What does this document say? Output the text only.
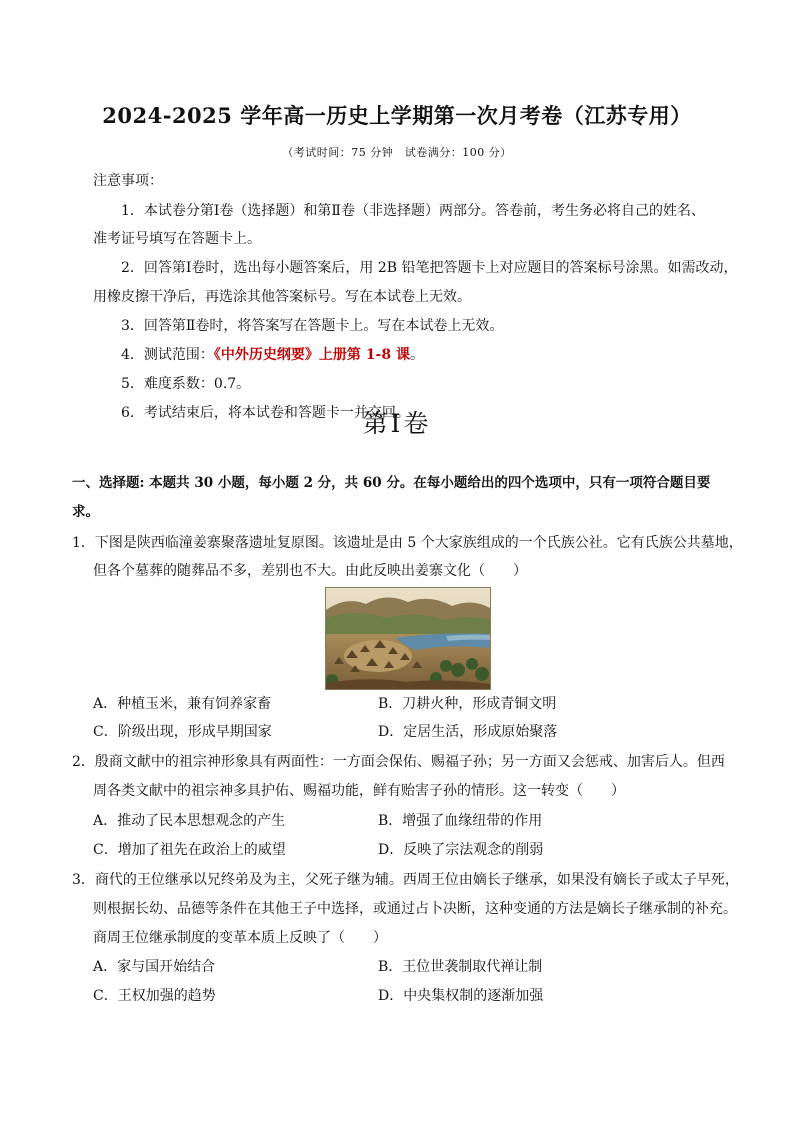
2024-2025 学年高一历史上学期第一次月考卷（江苏专用）
（考试时间：75 分钟　试卷满分：100 分）
注意事项：
1．本试卷分第Ⅰ卷（选择题）和第Ⅱ卷（非选择题）两部分。答卷前，考生务必将自己的姓名、
准考证号填写在答题卡上。
2．回答第Ⅰ卷时，选出每小题答案后，用 2B 铅笔把答题卡上对应题目的答案标号涂黑。如需改动，
用橡皮擦干净后，再选涂其他答案标号。写在本试卷上无效。
3．回答第Ⅱ卷时，将答案写在答题卡上。写在本试卷上无效。
4．测试范围：《中外历史纲要》上册第 1-8 课。
5．难度系数：0.7。
6．考试结束后，将本试卷和答题卡一并交回。
第Ⅰ卷
一、选择题: 本题共 30 小题，每小题 2 分，共 60 分。在每小题给出的四个选项中，只有一项符合题目要
求。
1．下图是陕西临潼姜寨聚落遗址复原图。该遗址是由 5 个大家族组成的一个氏族公社。它有氏族公共墓地，
但各个墓葬的随葬品不多，差别也不大。由此反映出姜寨文化（　　）
A．种植玉米，兼有饲养家畜	B．刀耕火种，形成青铜文明
C．阶级出现，形成早期国家	D．定居生活，形成原始聚落
2．殷商文献中的祖宗神形象具有两面性：一方面会保佑、赐福子孙；另一方面又会惩戒、加害后人。但西
周各类文献中的祖宗神多具护佑、赐福功能，鲜有贻害子孙的情形。这一转变（　　）
A．推动了民本思想观念的产生	B．增强了血缘纽带的作用
C．增加了祖先在政治上的威望	D．反映了宗法观念的削弱
3．商代的王位继承以兄终弟及为主，父死子继为辅。西周王位由嫡长子继承，如果没有嫡长子或太子早死，
则根据长幼、品德等条件在其他王子中选择，或通过占卜决断，这种变通的方法是嫡长子继承制的补充。
商周王位继承制度的变革本质上反映了（　　）
A．家与国开始结合	B．王位世袭制取代禅让制
C．王权加强的趋势	D．中央集权制的逐渐加强
